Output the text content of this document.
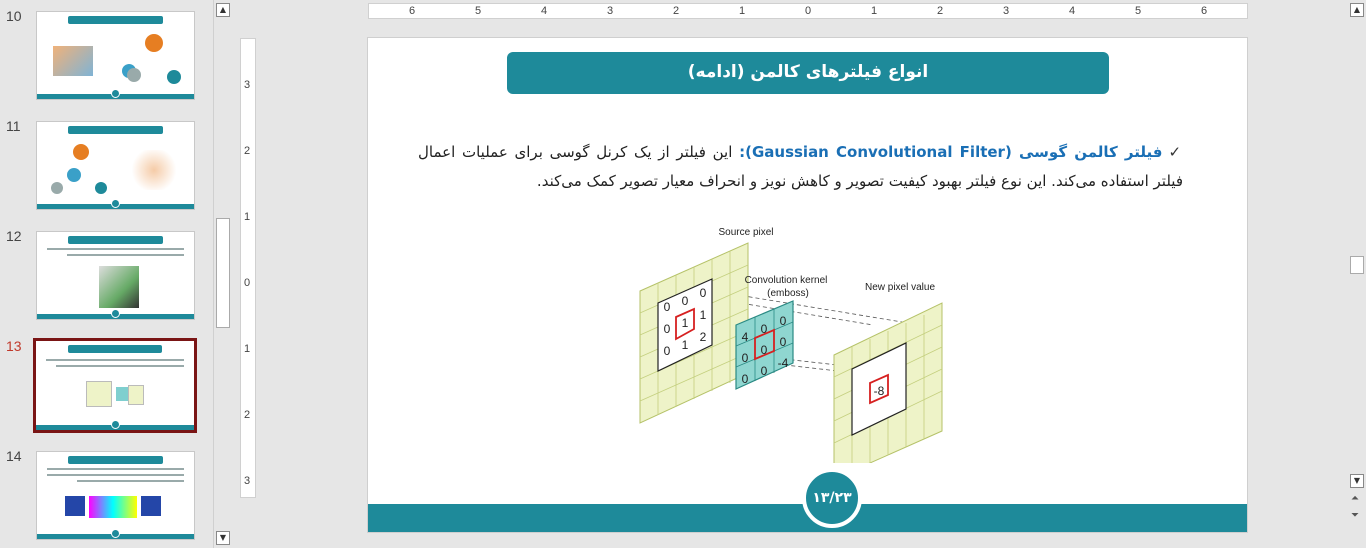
10
11
12
13
14
▲
▼
6	5	4	3	2	1	0	1	2	3	4	5	6
3
2
1
0
1
2
3
انواع فیلترهای کالمن (ادامه)
✓فیلتر کالمن گوسی (Gaussian Convolutional Filter): این فیلتر از یک کرنل گوسی برای عملیات اعمال فیلتر استفاده می‌کند. این نوع فیلتر بهبود کیفیت تصویر و کاهش نویز و انحراف معیار تصویر کمک می‌کند.
0 0
0
0 1
1
0 1
2	4
0
0
0
0
0
0
0
-4
-8
Source pixel
Convolution kernel
(emboss)
New pixel value
۱۳/۲۳
▲
▼
⏶
⏷
